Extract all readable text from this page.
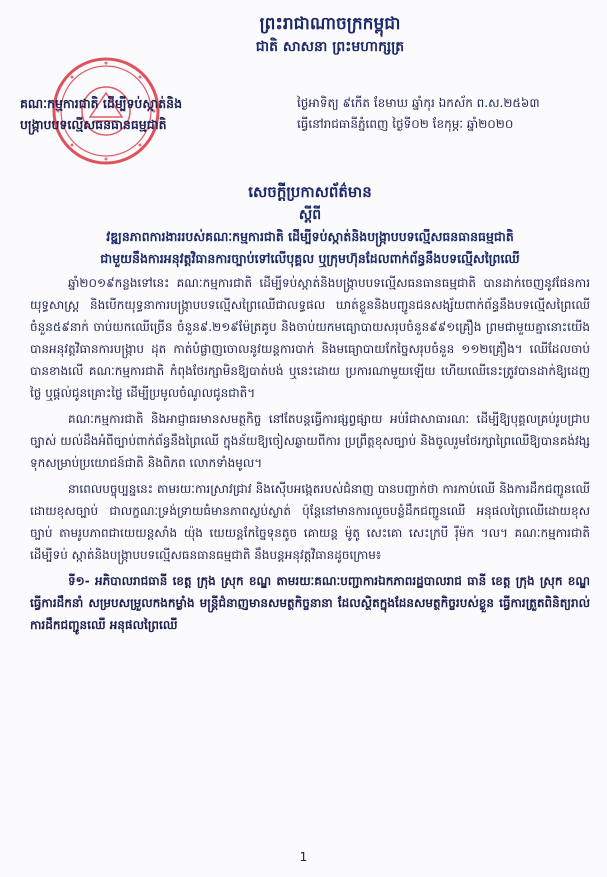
ព្រះរាជាណាចក្រកម្ពុជា
ជាតិ សាសនា ព្រះមហាក្សត្រ
គណៈកម្មការជាតិ ដើម្បីទប់ស្កាត់និង
បង្ក្រាបបទល្មើសធនធានធម្មជាតិ
ថ្ងៃអាទិត្យ ៩កើត ខែមាឃ ឆ្នាំកុរ ឯកស័ក ព.ស.២៥៦៣
ធ្វើនៅរាជធានីភ្នំពេញ ថ្ងៃទី០២ ខែកុម្ភៈ ឆ្នាំ២០២០
សេចក្តីប្រកាសព័ត៌មាន
ស្តីពី
វឌ្ឍនភាពការងាររបស់គណៈកម្មការជាតិ ដើម្បីទប់ស្កាត់និងបង្ក្រាបបទល្មើសធនធានធម្មជាតិ
ជាមួយនឹងការអនុវត្តវិធានការច្បាប់ទៅលើបុគ្គល ឬក្រុមហ៊ុនដែលពាក់ព័ន្ធនឹងបទល្មើសព្រៃឈើ

ឆ្នាំ២០១៩កន្លងទៅនេះ គណៈកម្មការជាតិ ដើម្បីទប់ស្កាត់និងបង្ក្រាបបទល្មើសធនធានធម្មជាតិ បានដាក់ចេញនូវផែនការ យុទ្ធសាស្ត្រ និងបើកយុទ្ធនាការបង្ក្រាបបទល្មើសព្រៃឈើជាលទ្ធផល ឃាត់ខ្លួននិងបញ្ជូនជនសង្ស័យពាក់ព័ន្ធនឹងបទល្មើសព្រៃឈើចំនួន៥៩នាក់ ចាប់យកឈើច្រើន ចំនួន៩.២១៩ម៉ែត្រគូប និងចាប់យកមធ្យោបាយសរុបចំនួន៩៩១គ្រឿង ព្រមជាមួយគ្នានោះយើង បានអនុវត្តវិធានការបង្ក្រាប ដុត កាត់បំផ្លាញចោលនូវយន្តការបាក់ និងមធ្យោបាយកែច្នៃសរុបចំនួន ១១២គ្រឿង។ ឈើដែលចាប់បានខាងលើ គណៈកម្មការជាតិ កំពុងថែរក្សាមិនឱ្យបាត់បង់ ឬនេះដោយ ប្រការណាមួយឡើយ ហើយឈើនេះត្រូវបានដាក់ឱ្យដេញថ្លៃ ឬផ្តល់ជូនគ្រោះថ្លៃ ដើម្បីប្រមូលចំណូលជូនជាតិ។

គណៈកម្មការជាតិ និងអាជ្ញាធរមានសមត្ថកិច្ច នៅតែបន្តធ្វើការផ្សព្វផ្សាយ អប់រំជាសាធារណៈ ដើម្បីឱ្យបុគ្គលគ្រប់រូបជ្រាបច្បាស់ យល់ដឹងអំពីច្បាប់ពាក់ព័ន្ធនឹងព្រៃឈើ ក្នុងន័យឱ្យចៀសឆ្ងាយពីការ ប្រព្រឹត្តខុសច្បាប់ និងចូលរួមថែរក្សាព្រៃឈើឱ្យបានគង់វង្ស ទុកសម្រាប់ប្រយោជន៍ជាតិ និងពិភព លោកទាំងមូល។

នាពេលបច្ចុប្បន្ននេះ តាមរយៈការស្រាវជ្រាវ និងស៊ើបអង្កេតរបស់ជំនាញ បានបញ្ជាក់ថា ការកាប់ឈើ និងការដឹកជញ្ជូនឈើដោយខុសច្បាប់ ជាលក្ខណៈទ្រង់ទ្រាយធំមានភាពស្ងប់ស្ងាត់ ប៉ុន្តែនៅមានការលួចបន្លំដឹកជញ្ជូនឈើ អនុផលព្រៃឈើដោយខុសច្បាប់ តាមរូបភាពជាយេយន្តសាំង យ៉ុង យេយន្តកែច្នៃទុនតូច គោយន្ត ម៉ូតូ សេះគោ សេះក្របី រ៉ឺម៉ក ។ល។ គណៈកម្មការជាតិ ដើម្បីទប់ ស្កាត់និងបង្ក្រាបបទល្មើសធនធានធម្មជាតិ នឹងបន្តអនុវត្តវិធានដូចក្រោម៖

ទី១- អភិបាលរាជធានី ខេត្ត ក្រុង ស្រុក ខណ្ឌ តាមរយៈគណៈបញ្ជាការឯកភាពរដ្ឋបាលរាជ ធានី ខេត្ត ក្រុង ស្រុក ខណ្ឌ ធ្វើការដឹកនាំ សម្របសម្រួលកងកម្លាំង មន្ត្រីជំនាញមានសមត្ថកិច្ចនានា ដែលស្ថិតក្នុងដែនសមត្ថកិច្ចរបស់ខ្លួន ធ្វើការត្រួតពិនិត្យរាល់ការដឹកជញ្ជូនឈើ អនុផលព្រៃឈើ

1
